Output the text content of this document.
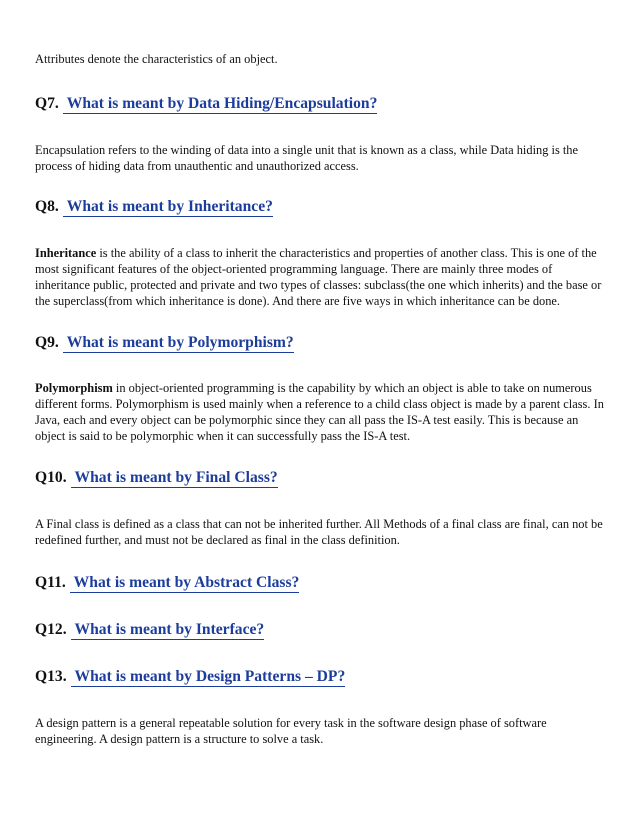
Attributes denote the characteristics of an object.

Q7. What is meant by Data Hiding/Encapsulation?

Encapsulation refers to the winding of data into a single unit that is known as a class, while Data hiding is the process of hiding data from unauthentic and unauthorized access.

Q8. What is meant by Inheritance?

Inheritance is the ability of a class to inherit the characteristics and properties of another class. This is one of the most significant features of the object-oriented programming language. There are mainly three modes of inheritance public, protected and private and two types of classes: subclass(the one which inherits) and the base or the superclass(from which inheritance is done). And there are five ways in which inheritance can be done.

Q9. What is meant by Polymorphism?

Polymorphism in object-oriented programming is the capability by which an object is able to take on numerous different forms. Polymorphism is used mainly when a reference to a child class object is made by a parent class. In Java, each and every object can be polymorphic since they can all pass the IS-A test easily. This is because an object is said to be polymorphic when it can successfully pass the IS-A test.

Q10. What is meant by Final Class?

A Final class is defined as a class that can not be inherited further. All Methods of a final class are final, can not be redefined further, and must not be declared as final in the class definition.

Q11. What is meant by Abstract Class?
Q12. What is meant by Interface?
Q13. What is meant by Design Patterns – DP?

A design pattern is a general repeatable solution for every task in the software design phase of software engineering. A design pattern is a structure to solve a task.
